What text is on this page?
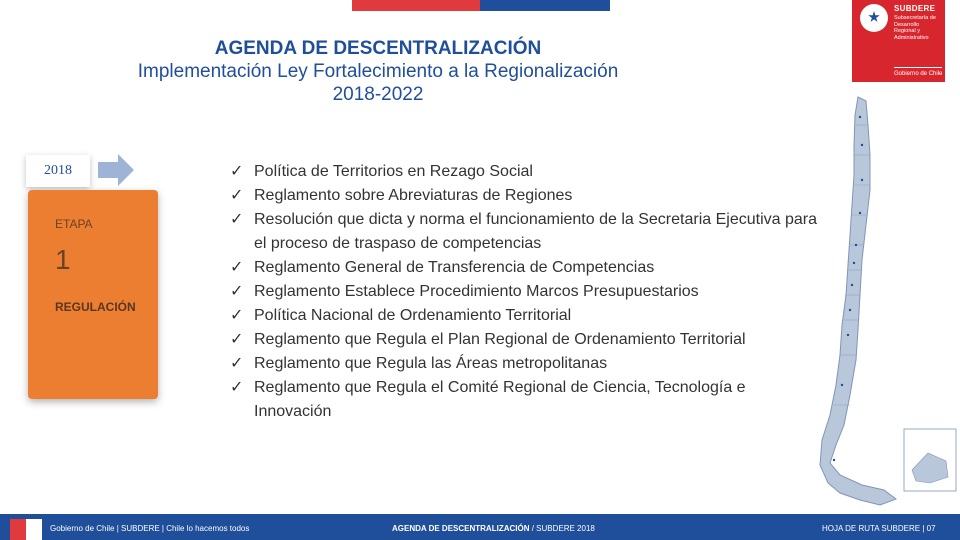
SUBDERE
Subsecretaría de Desarrollo Regional y Administrativo
Gobierno de Chile
AGENDA DE DESCENTRALIZACIÓN
Implementación Ley Fortalecimiento a la Regionalización
2018-2022
2018
ETAPA
1
REGULACIÓN
✓ Política de Territorios en Rezago Social
✓ Reglamento sobre Abreviaturas de Regiones
✓ Resolución que dicta y norma el funcionamiento de la Secretaria Ejecutiva para el proceso de traspaso de competencias
✓ Reglamento General de Transferencia de Competencias
✓ Reglamento Establece Procedimiento Marcos Presupuestarios
✓ Política Nacional de Ordenamiento Territorial
✓ Reglamento que Regula el Plan Regional de Ordenamiento Territorial
✓ Reglamento que Regula las Áreas metropolitanas
✓ Reglamento que Regula el Comité Regional de Ciencia, Tecnología e Innovación
Gobierno de Chile | SUBDERE | Chile lo hacemos todos	AGENDA DE DESCENTRALIZACIÓN / SUBDERE 2018	HOJA DE RUTA SUBDERE | 07
